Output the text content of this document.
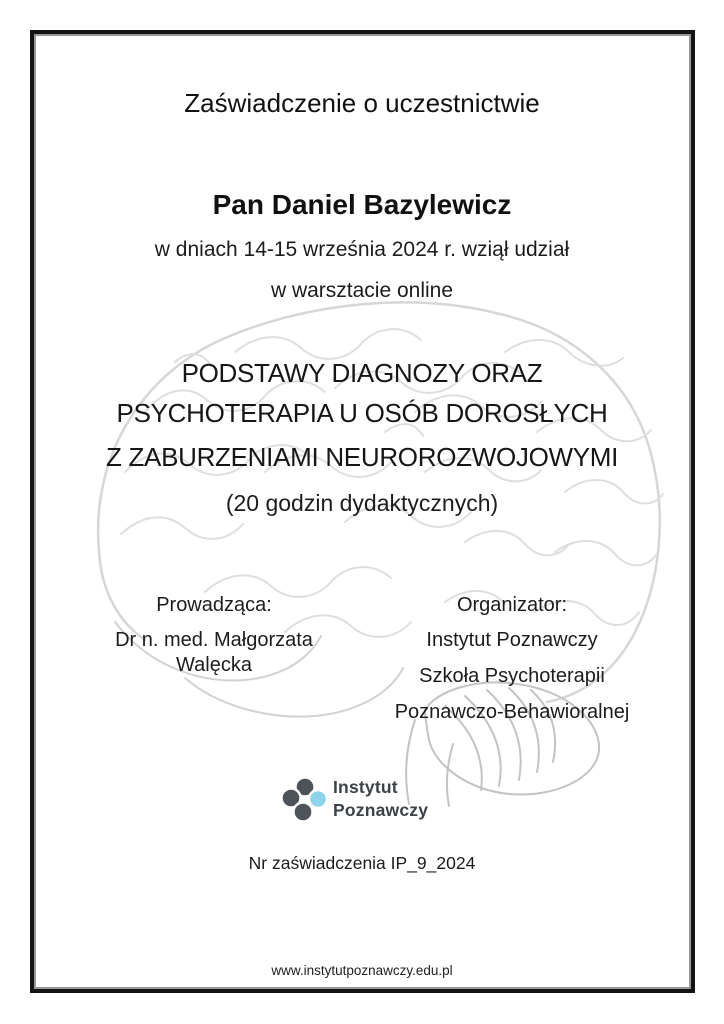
Zaświadczenie o uczestnictwie
Pan Daniel Bazylewicz
w dniach 14-15 września 2024 r. wziął udział
w warsztacie online
PODSTAWY DIAGNOZY ORAZ
PSYCHOTERAPIA U OSÓB DOROSŁYCH
Z ZABURZENIAMI NEUROROZWOJOWYMI
(20 godzin dydaktycznych)

Prowadząca:

Dr n. med. Małgorzata Walęcka

Organizator:

Instytut Poznawczy

Szkoła Psychoterapii

Poznawczo-Behawioralnej

Instytut
Poznawczy
Nr zaświadczenia IP_9_2024
www.instytutpoznawczy.edu.pl
